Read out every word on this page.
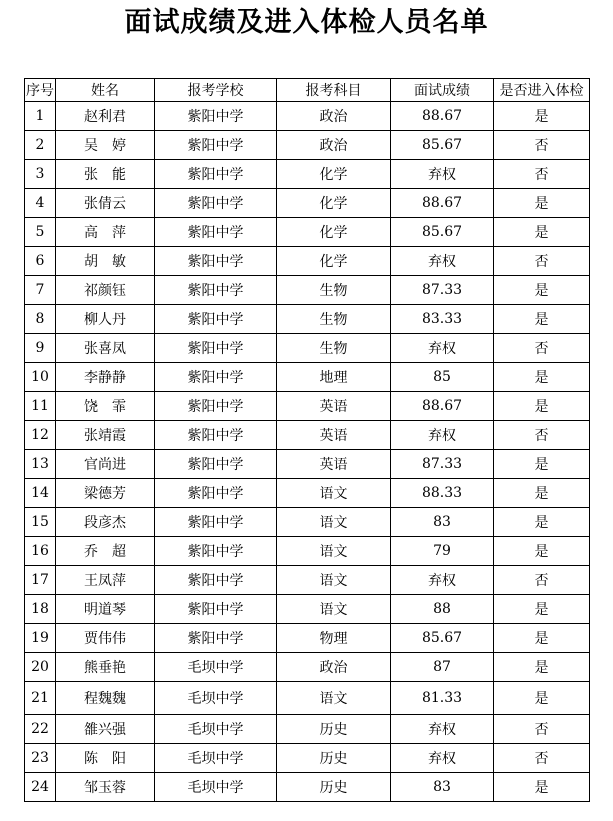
面试成绩及进入体检人员名单
序号	姓名	报考学校	报考科目	面试成绩	是否进入体检
1	赵利君	紫阳中学	政治	88.67	是
2	吴　婷	紫阳中学	政治	85.67	否
3	张　能	紫阳中学	化学	弃权	否
4	张倩云	紫阳中学	化学	88.67	是
5	高　萍	紫阳中学	化学	85.67	是
6	胡　敏	紫阳中学	化学	弃权	否
7	祁颜钰	紫阳中学	生物	87.33	是
8	柳人丹	紫阳中学	生物	83.33	是
9	张喜凤	紫阳中学	生物	弃权	否
10	李静静	紫阳中学	地理	85	是
11	饶　霏	紫阳中学	英语	88.67	是
12	张靖霞	紫阳中学	英语	弃权	否
13	官尚进	紫阳中学	英语	87.33	是
14	梁德芳	紫阳中学	语文	88.33	是
15	段彦杰	紫阳中学	语文	83	是
16	乔　超	紫阳中学	语文	79	是
17	王凤萍	紫阳中学	语文	弃权	否
18	明道琴	紫阳中学	语文	88	是
19	贾伟伟	紫阳中学	物理	85.67	是
20	熊垂艳	毛坝中学	政治	87	是
21	程魏魏	毛坝中学	语文	81.33	是
22	雒兴强	毛坝中学	历史	弃权	否
23	陈　阳	毛坝中学	历史	弃权	否
24	邹玉蓉	毛坝中学	历史	83	是
